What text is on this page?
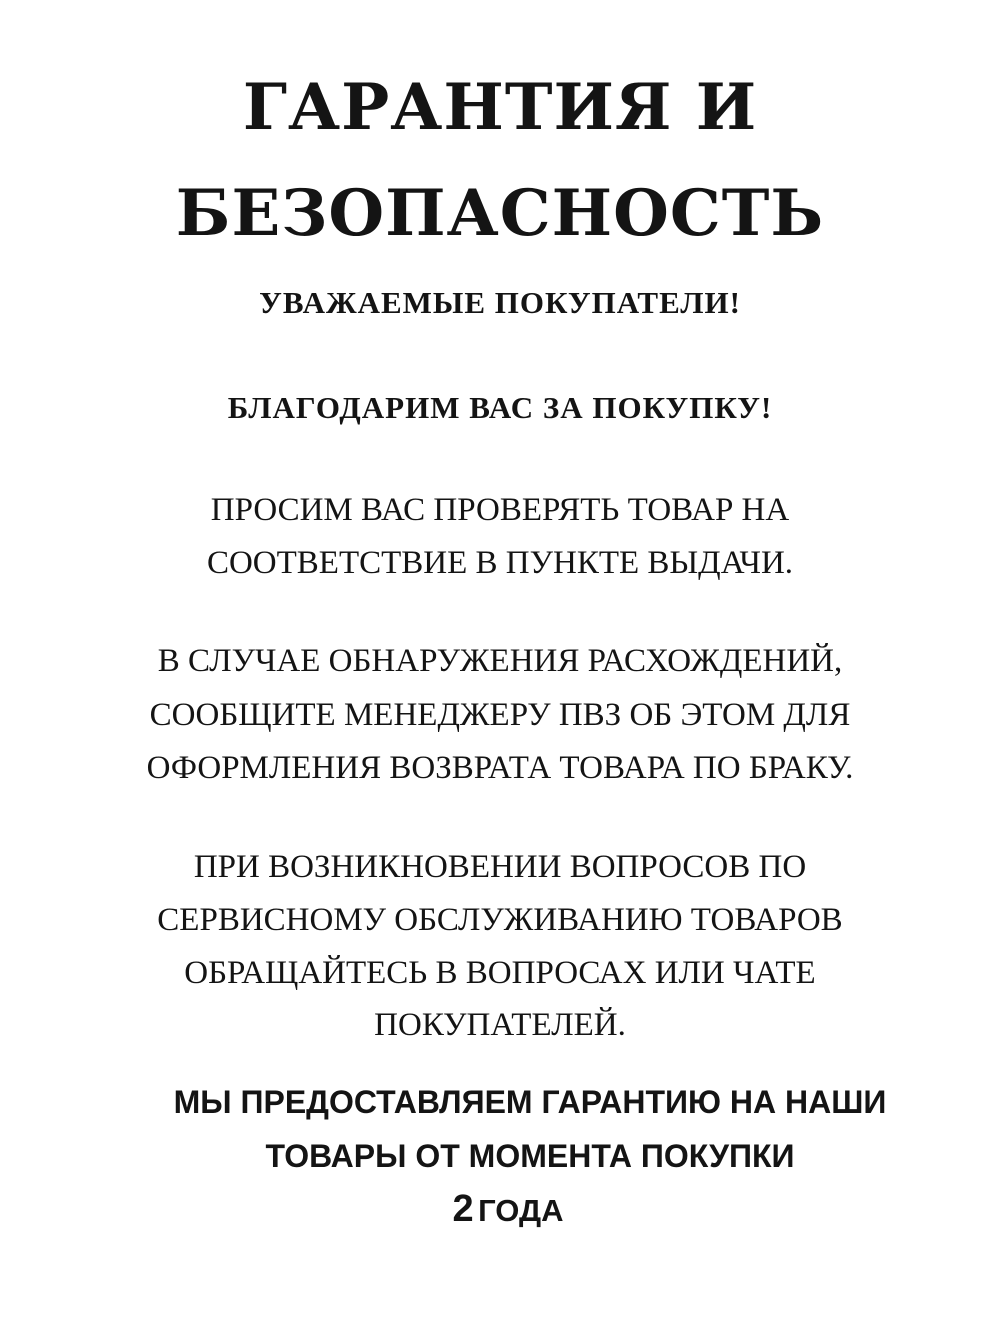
ГАРАНТИЯ И
БЕЗОПАСНОСТЬ

УВАЖАЕМЫЕ ПОКУПАТЕЛИ!

БЛАГОДАРИМ ВАС ЗА ПОКУПКУ!

ПРОСИМ ВАС ПРОВЕРЯТЬ ТОВАР НА

СООТВЕТСТВИЕ В ПУНКТЕ ВЫДАЧИ.

В СЛУЧАЕ ОБНАРУЖЕНИЯ РАСХОЖДЕНИЙ,

СООБЩИТЕ МЕНЕДЖЕРУ ПВЗ ОБ ЭТОМ ДЛЯ

ОФОРМЛЕНИЯ ВОЗВРАТА ТОВАРА ПО БРАКУ.

ПРИ ВОЗНИКНОВЕНИИ ВОПРОСОВ ПО

СЕРВИСНОМУ ОБСЛУЖИВАНИЮ ТОВАРОВ

ОБРАЩАЙТЕСЬ В ВОПРОСАХ ИЛИ ЧАТЕ

ПОКУПАТЕЛЕЙ.

МЫ ПРЕДОСТАВЛЯЕМ ГАРАНТИЮ НА НАШИ

ТОВАРЫ ОТ МОМЕНТА ПОКУПКИ

2 ГОДА
